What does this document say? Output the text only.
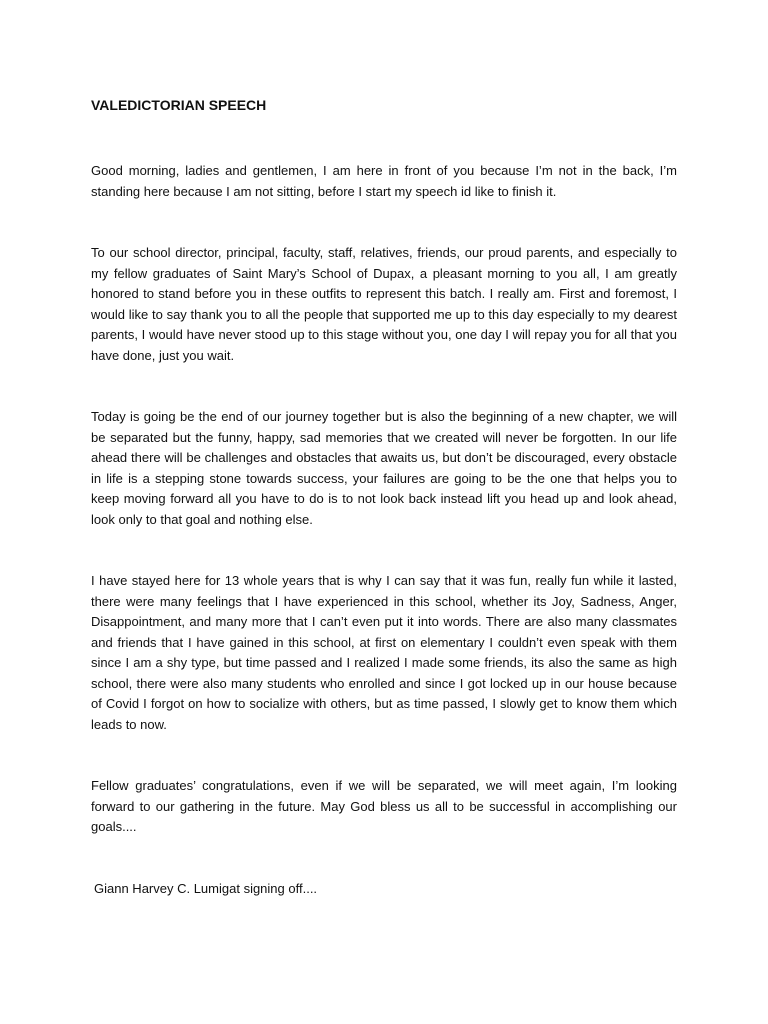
VALEDICTORIAN SPEECH

Good morning, ladies and gentlemen, I am here in front of you because I’m not in the back, I’m standing here because I am not sitting, before I start my speech id like to finish it.

To our school director, principal, faculty, staff, relatives, friends, our proud parents, and especially to my fellow graduates of Saint Mary’s School of Dupax, a pleasant morning to you all, I am greatly honored to stand before you in these outfits to represent this batch. I really am. First and foremost, I would like to say thank you to all the people that supported me up to this day especially to my dearest parents, I would have never stood up to this stage without you, one day I will repay you for all that you have done, just you wait.

Today is going be the end of our journey together but is also the beginning of a new chapter, we will be separated but the funny, happy, sad memories that we created will never be forgotten. In our life ahead there will be challenges and obstacles that awaits us, but don’t be discouraged, every obstacle in life is a stepping stone towards success, your failures are going to be the one that helps you to keep moving forward all you have to do is to not look back instead lift you head up and look ahead, look only to that goal and nothing else.

I have stayed here for 13 whole years that is why I can say that it was fun, really fun while it lasted, there were many feelings that I have experienced in this school, whether its Joy, Sadness, Anger, Disappointment, and many more that I can’t even put it into words. There are also many classmates and friends that I have gained in this school, at first on elementary I couldn’t even speak with them since I am a shy type, but time passed and I realized I made some friends, its also the same as high school, there were also many students who enrolled and since I got locked up in our house because of Covid I forgot on how to socialize with others, but as time passed, I slowly get to know them which leads to now.

Fellow graduates’ congratulations, even if we will be separated, we will meet again, I’m looking forward to our gathering in the future. May God bless us all to be successful in accomplishing our goals....

Giann Harvey C. Lumigat signing off....
